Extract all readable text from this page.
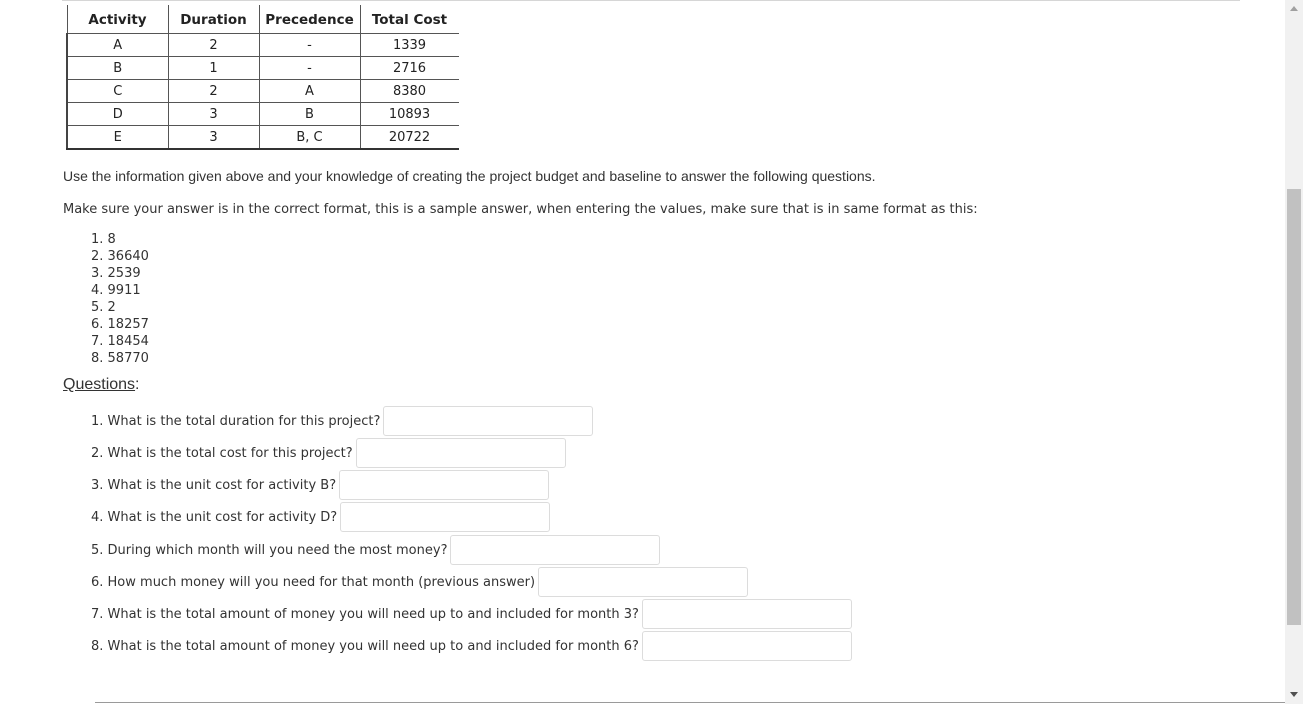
Activity	Duration	Precedence	Total Cost
A	2	-	1339
B	1	-	2716
C	2	A	8380
D	3	B	10893
E	3	B, C	20722
Use the information given above and your knowledge of creating the project budget and baseline to answer the following questions.
Make sure your answer is in the correct format, this is a sample answer, when entering the values, make sure that is in same format as this:
1. 8
2. 36640
3. 2539
4. 9911
5. 2
6. 18257
7. 18454
8. 58770
Questions:
1. What is the total duration for this project?
2. What is the total cost for this project?
3. What is the unit cost for activity B?
4. What is the unit cost for activity D?
5. During which month will you need the most money?
6. How much money will you need for that month (previous answer)
7. What is the total amount of money you will need up to and included for month 3?
8. What is the total amount of money you will need up to and included for month 6?
